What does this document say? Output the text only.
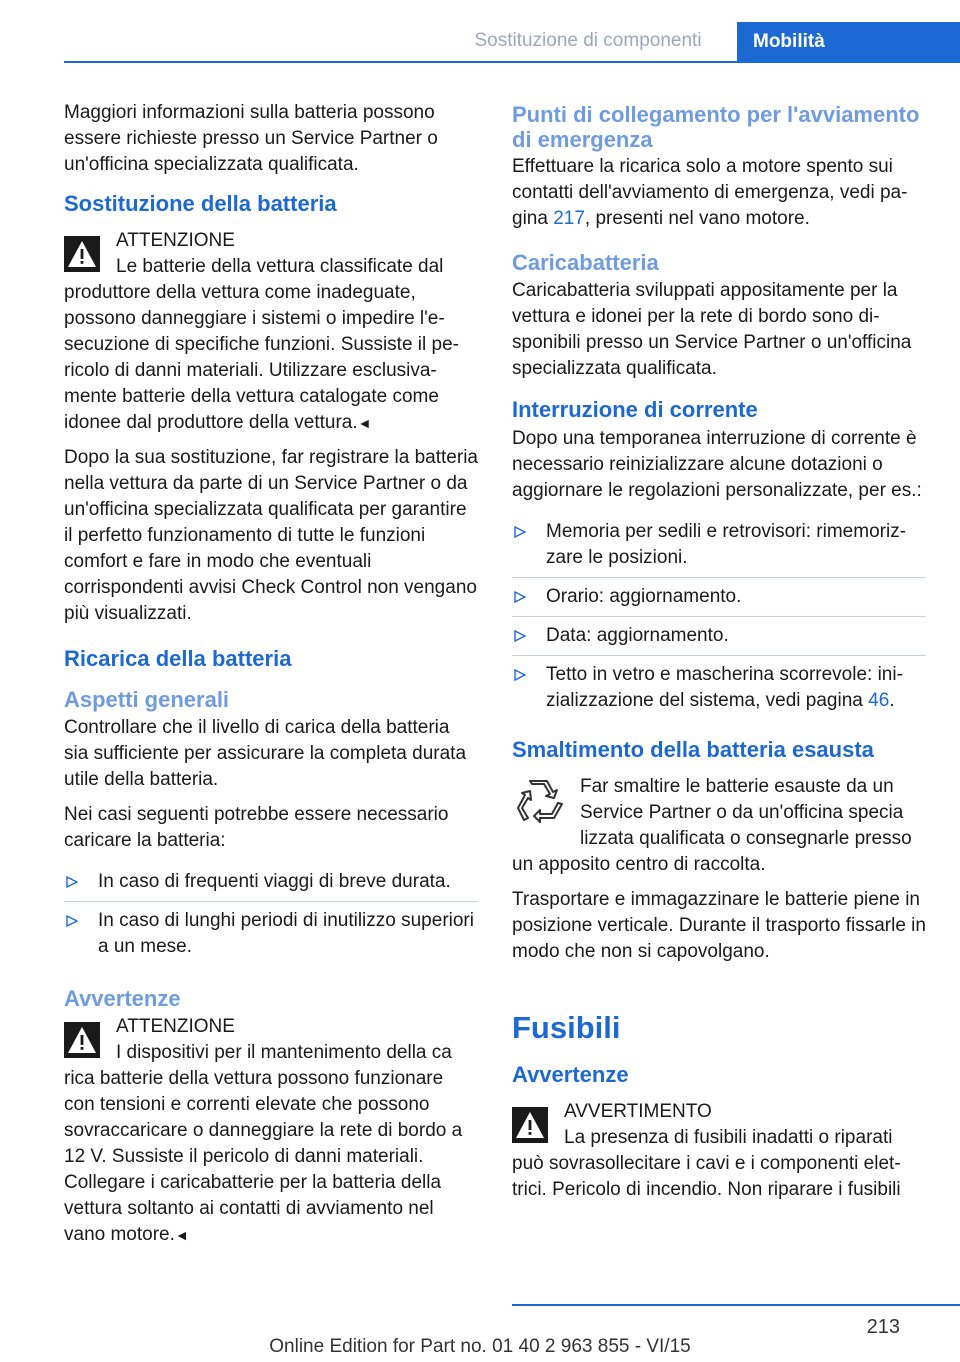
Sostituzione di componenti	Mobilità

Maggiori informazioni sulla batteria possono essere richieste presso un Service Partner o un'officina specializzata qualificata.

Sostituzione della batteria
ATTENZIONE
Le batterie della vettura classificate dal
produttore della vettura come inadeguate, possono danneggiare i sistemi o impedire l'esecuzione di specifiche funzioni. Sussiste il pericolo di danni materiali. Utilizzare esclusivamente batterie della vettura catalogate come idonee dal produttore della vettura.◄

Dopo la sua sostituzione, far registrare la batteria nella vettura da parte di un Service Partner o da un'officina specializzata qualificata per garantire il perfetto funzionamento di tutte le funzioni comfort e fare in modo che eventuali corrispondenti avvisi Check Control non vengano più visualizzati.

Ricarica della batteria
Aspetti generali

Controllare che il livello di carica della batteria sia sufficiente per assicurare la completa durata utile della batteria.

Nei casi seguenti potrebbe essere necessario caricare la batteria:

In caso di frequenti viaggi di breve durata.
In caso di lunghi periodi di inutilizzo superiori a un mese.
Avvertenze
ATTENZIONE
I dispositivi per il mantenimento della ca
rica batterie della vettura possono funzionare con tensioni e correnti elevate che possono sovraccaricare o danneggiare la rete di bordo a 12 V. Sussiste il pericolo di danni materiali. Collegare i caricabatterie per la batteria della vettura soltanto ai contatti di avviamento nel vano motore.◄
Punti di collegamento per l'avviamento di emergenza

Effettuare la ricarica solo a motore spento sui contatti dell'avviamento di emergenza, vedi pagina 217, presenti nel vano motore.

Caricabatteria

Caricabatteria sviluppati appositamente per la vettura e idonei per la rete di bordo sono disponibili presso un Service Partner o un'officina specializzata qualificata.

Interruzione di corrente

Dopo una temporanea interruzione di corrente è necessario reinizializzare alcune dotazioni o aggiornare le regolazioni personalizzate, per es.:

Memoria per sedili e retrovisori: rimemorizzare le posizioni.
Orario: aggiornamento.
Data: aggiornamento.
Tetto in vetro e mascherina scorrevole: inizializzazione del sistema, vedi pagina 46.
Smaltimento della batteria esausta
Far smaltire le batterie esauste da un
Service Partner o da un'officina specia
lizzata qualificata o consegnarle presso
un apposito centro di raccolta.

Trasportare e immagazzinare le batterie piene in posizione verticale. Durante il trasporto fissarle in modo che non si capovolgano.

Fusibili
Avvertenze
AVVERTIMENTO
La presenza di fusibili inadatti o riparati
può sovrasollecitare i cavi e i componenti elettrici. Pericolo di incendio. Non riparare i fusibili
213
Online Edition for Part no. 01 40 2 963 855 - VI/15
